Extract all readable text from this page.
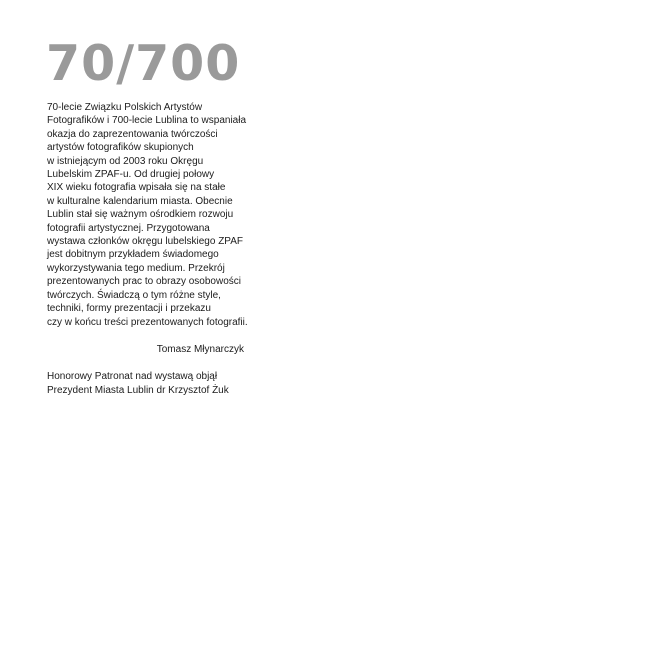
70/700

70-lecie Związku Polskich Artystów
Fotografików i 700-lecie Lublina to wspaniała
okazja do zaprezentowania twórczości
artystów fotografików skupionych
w istniejącym od 2003 roku Okręgu
Lubelskim ZPAF-u. Od drugiej połowy
XIX wieku fotografia wpisała się na stałe
w kulturalne kalendarium miasta. Obecnie
Lublin stał się ważnym ośrodkiem rozwoju
fotografii artystycznej. Przygotowana
wystawa członków okręgu lubelskiego ZPAF
jest dobitnym przykładem świadomego
wykorzystywania tego medium. Przekrój
prezentowanych prac to obrazy osobowości
twórczych. Świadczą o tym różne style,
techniki, formy prezentacji i przekazu
czy w końcu treści prezentowanych fotografii.

Tomasz Młynarczyk

Honorowy Patronat nad wystawą objął
Prezydent Miasta Lublin dr Krzysztof Żuk
